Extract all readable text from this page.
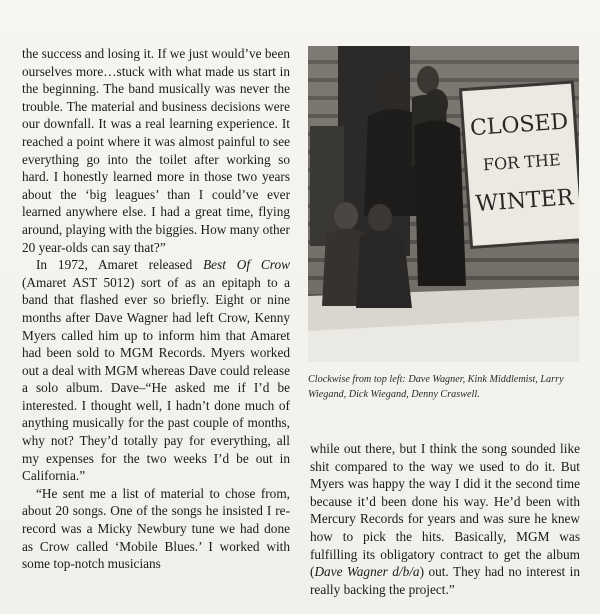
the success and losing it. If we just would’ve been ourselves more…stuck with what made us start in the beginning. The band musically was never the trouble. The material and business decisions were our downfall. It was a real learning experience. It reached a point where it was almost painful to see everything go into the toilet after working so hard. I honestly learned more in those two years about the ‘big leagues’ than I could’ve ever learned anywhere else. I had a great time, flying around, playing with the biggies. How many other 20 year-olds can say that?”

In 1972, Amaret released Best Of Crow (Amaret AST 5012) sort of as an epitaph to a band that flashed ever so briefly. Eight or nine months after Dave Wagner had left Crow, Kenny Myers called him up to inform him that Amaret had been sold to MGM Records. Myers worked out a deal with MGM whereas Dave could release a solo album. Dave–“He asked me if I’d be interested. I thought well, I hadn’t done much of anything musically for the past couple of months, why not? They’d totally pay for everything, all my expenses for the two weeks I’d be out in California.”

“He sent me a list of material to chose from, about 20 songs. One of the songs he insisted I re-record was a Micky Newbury tune we had done as Crow called ‘Mobile Blues.’ I worked with some top-notch musicians

CLOSED
FOR THE
WINTER
Clockwise from top left: Dave Wagner, Kink Middlemist, Larry Wiegand, Dick Wiegand, Denny Craswell.

while out there, but I think the song sounded like shit compared to the way we used to do it. But Myers was happy the way I did it the second time because it’d been done his way. He’d been with Mercury Records for years and was sure he knew how to pick the hits. Basically, MGM was fulfilling its obligatory contract to get the album (Dave Wagner d/b/a) out. They had no interest in really backing the project.”
